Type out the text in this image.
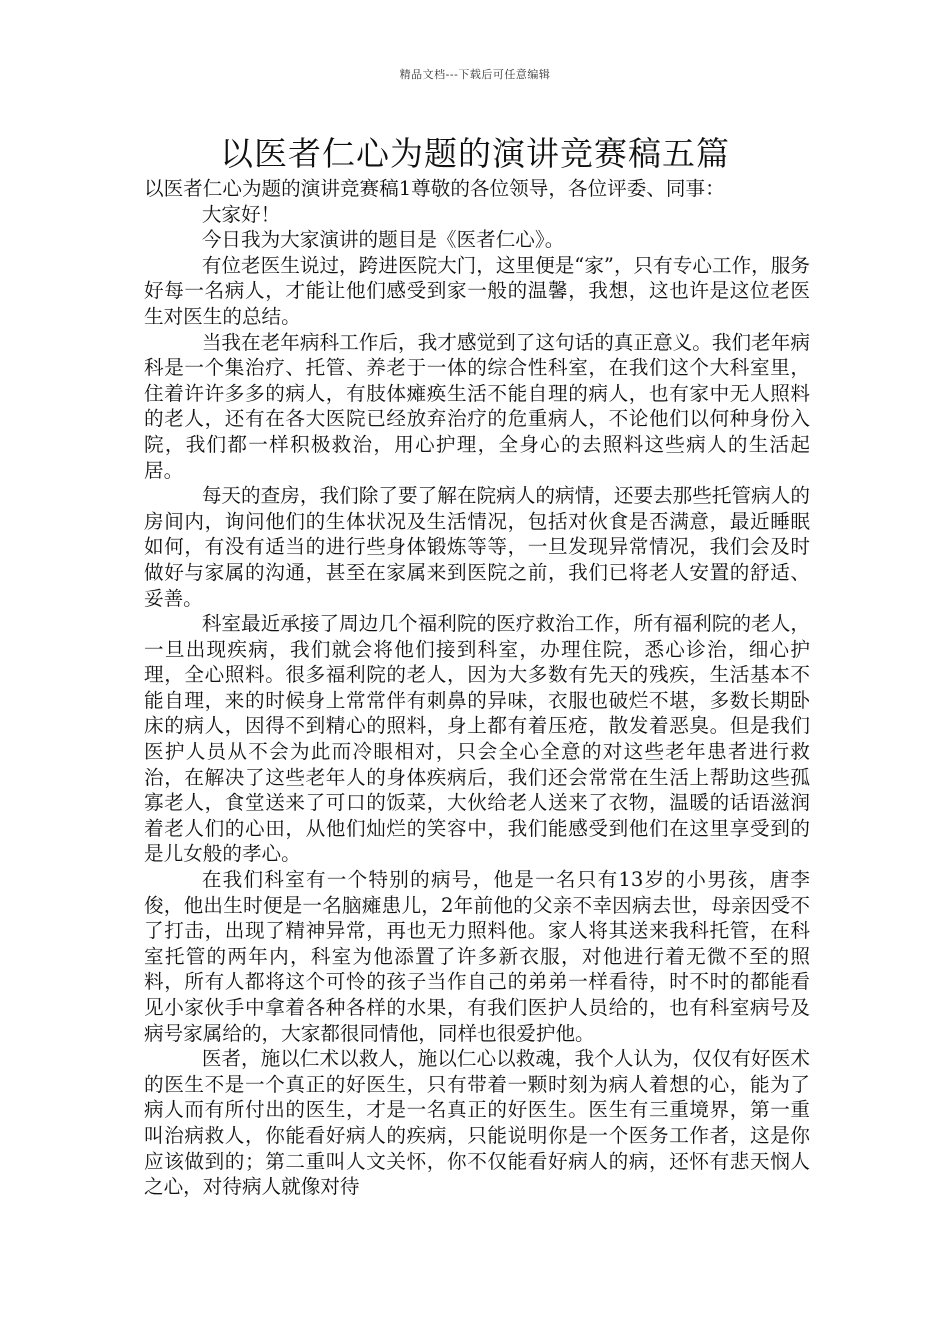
精品文档---下载后可任意编辑
以医者仁心为题的演讲竞赛稿五篇

以医者仁心为题的演讲竞赛稿1尊敬的各位领导，各位评委、同事：

大家好！

今日我为大家演讲的题目是《医者仁心》。

有位老医生说过，跨进医院大门，这里便是“家”，只有专心工作，服务好每一名病人，才能让他们感受到家一般的温馨，我想，这也许是这位老医生对医生的总结。

当我在老年病科工作后，我才感觉到了这句话的真正意义。我们老年病科是一个集治疗、托管、养老于一体的综合性科室，在我们这个大科室里，住着许许多多的病人，有肢体瘫痪生活不能自理的病人，也有家中无人照料的老人，还有在各大医院已经放弃治疗的危重病人，不论他们以何种身份入院，我们都一样积极救治，用心护理，全身心的去照料这些病人的生活起居。

每天的查房，我们除了要了解在院病人的病情，还要去那些托管病人的房间内，询问他们的生体状况及生活情况，包括对伙食是否满意，最近睡眠如何，有没有适当的进行些身体锻炼等等，一旦发现异常情况，我们会及时做好与家属的沟通，甚至在家属来到医院之前，我们已将老人安置的舒适、妥善。

科室最近承接了周边几个福利院的医疗救治工作，所有福利院的老人，一旦出现疾病，我们就会将他们接到科室，办理住院，悉心诊治，细心护理，全心照料。很多福利院的老人，因为大多数有先天的残疾，生活基本不能自理，来的时候身上常常伴有刺鼻的异味，衣服也破烂不堪，多数长期卧床的病人，因得不到精心的照料，身上都有着压疮，散发着恶臭。但是我们医护人员从不会为此而冷眼相对，只会全心全意的对这些老年患者进行救治，在解决了这些老年人的身体疾病后，我们还会常常在生活上帮助这些孤寡老人，食堂送来了可口的饭菜，大伙给老人送来了衣物，温暖的话语滋润着老人们的心田，从他们灿烂的笑容中，我们能感受到他们在这里享受到的是儿女般的孝心。

在我们科室有一个特别的病号，他是一名只有13岁的小男孩，唐李俊，他出生时便是一名脑瘫患儿，2年前他的父亲不幸因病去世，母亲因受不了打击，出现了精神异常，再也无力照料他。家人将其送来我科托管，在科室托管的两年内，科室为他添置了许多新衣服，对他进行着无微不至的照料，所有人都将这个可怜的孩子当作自己的弟弟一样看待，时不时的都能看见小家伙手中拿着各种各样的水果，有我们医护人员给的，也有科室病号及病号家属给的，大家都很同情他，同样也很爱护他。

医者，施以仁术以救人，施以仁心以救魂，我个人认为，仅仅有好医术的医生不是一个真正的好医生，只有带着一颗时刻为病人着想的心，能为了病人而有所付出的医生，才是一名真正的好医生。医生有三重境界，第一重叫治病救人，你能看好病人的疾病，只能说明你是一个医务工作者，这是你应该做到的；第二重叫人文关怀，你不仅能看好病人的病，还怀有悲天悯人之心，对待病人就像对待
